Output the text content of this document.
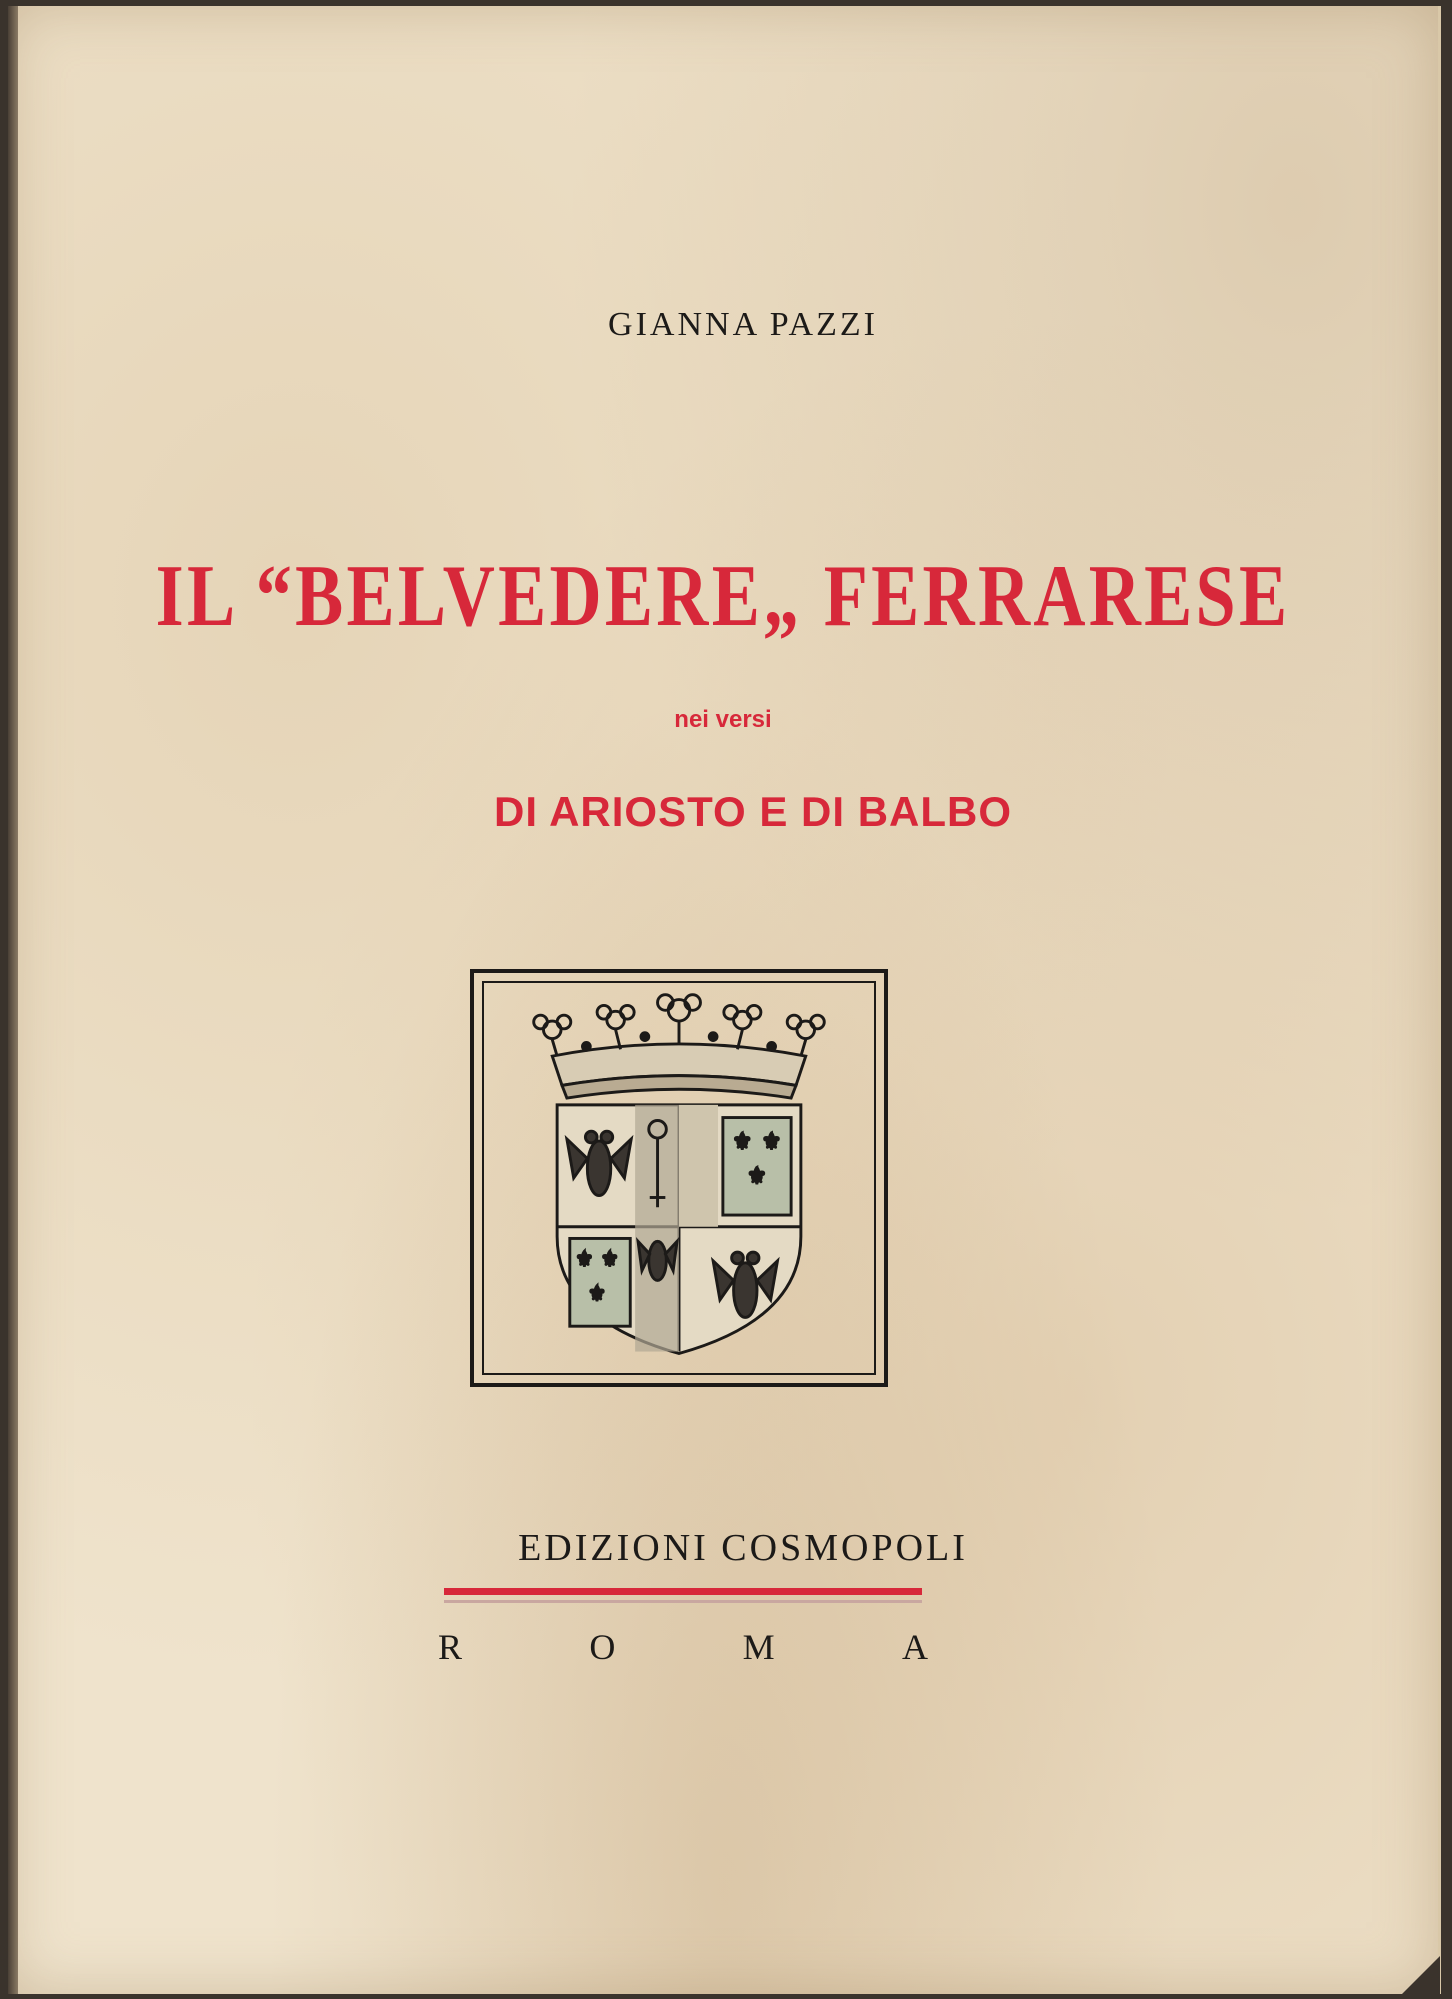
GIANNA PAZZI
IL “BELVEDERE„ FERRARESE
nei versi
DI ARIOSTO E DI BALBO
⚜ ⚜
⚜
⚜ ⚜
⚜
EDIZIONI COSMOPOLI
R	O	M	A
